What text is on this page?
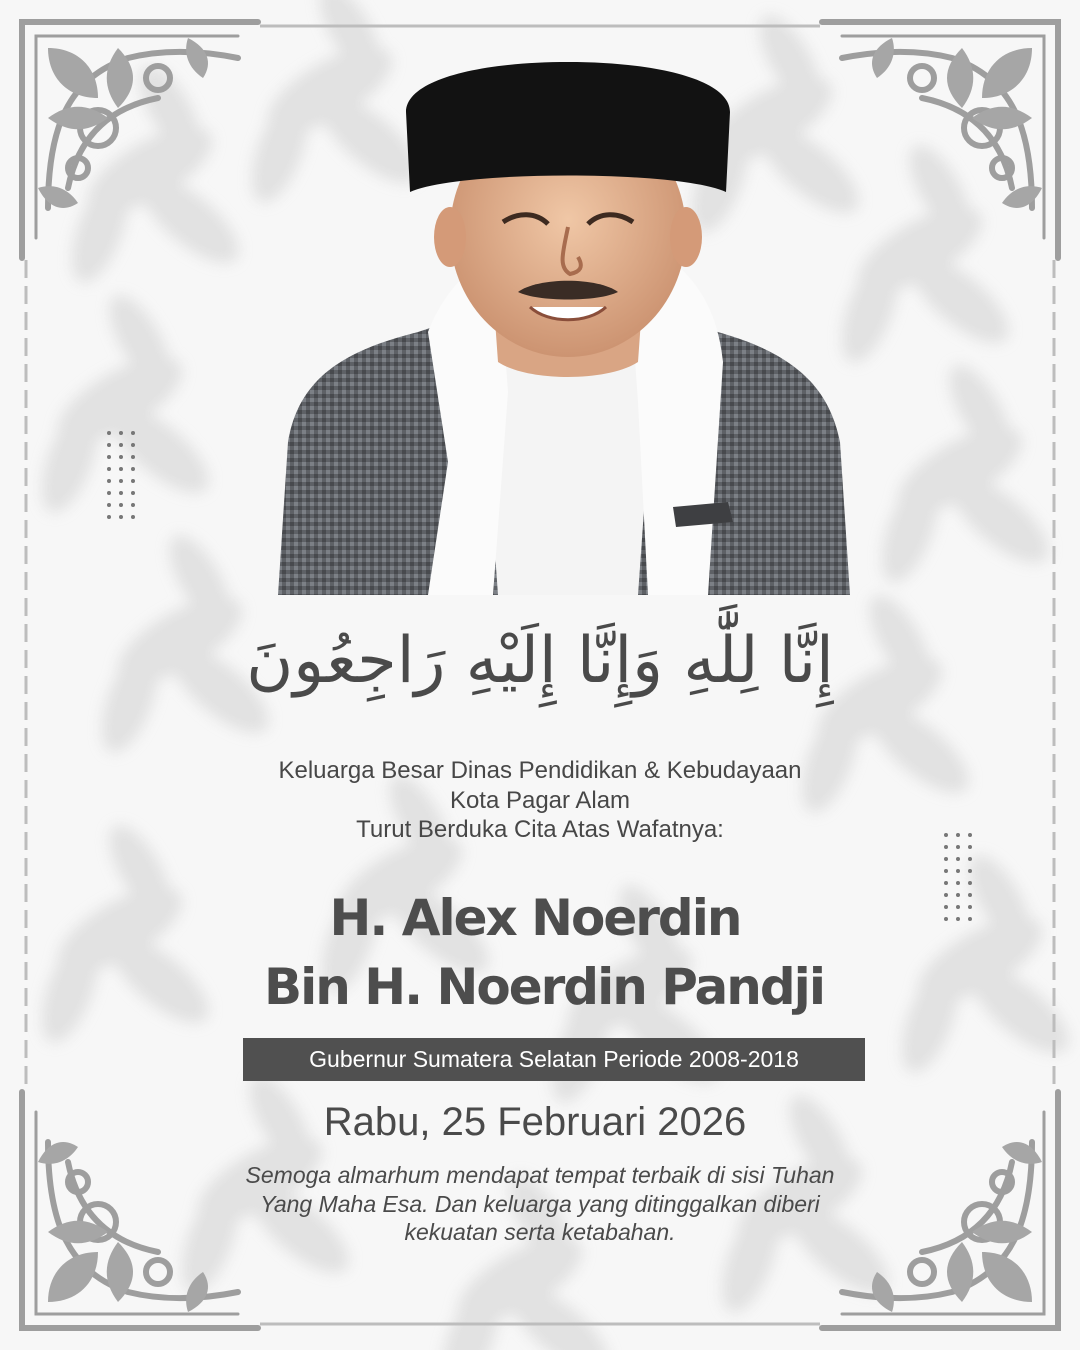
إِنَّا لِلَّٰهِ وَإِنَّا إِلَيْهِ رَاجِعُونَ
Keluarga Besar Dinas Pendidikan & Kebudayaan
Kota Pagar Alam
Turut Berduka Cita Atas Wafatnya:
H. Alex Noerdin
Bin H. Noerdin Pandji
Gubernur Sumatera Selatan Periode 2008-2018
Rabu, 25 Februari 2026
Semoga almarhum mendapat tempat terbaik di sisi Tuhan
Yang Maha Esa. Dan keluarga yang ditinggalkan diberi
kekuatan serta ketabahan.
